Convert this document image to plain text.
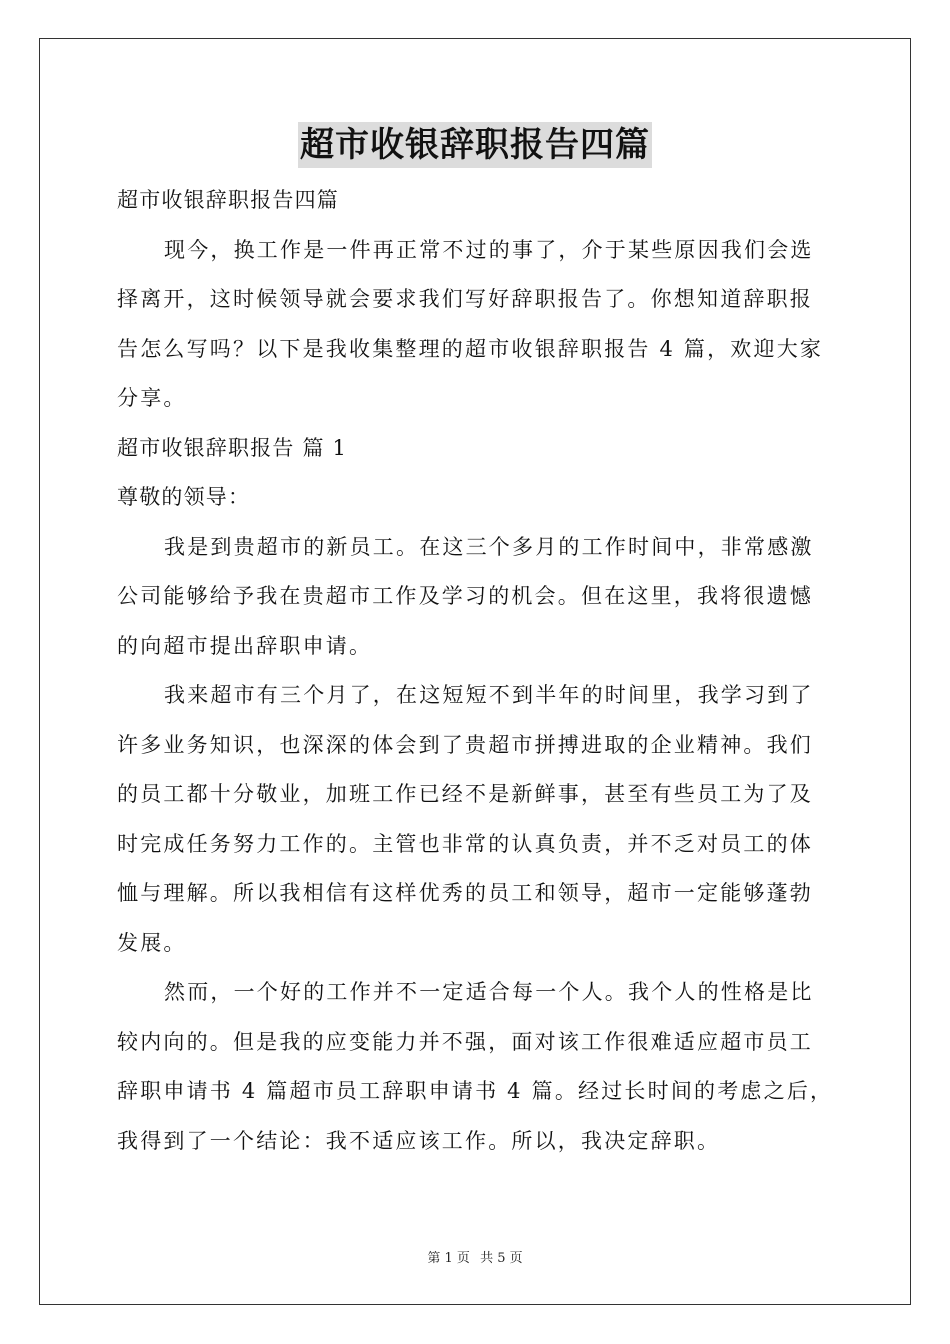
超市收银辞职报告四篇
超市收银辞职报告四篇
现今，换工作是一件再正常不过的事了，介于某些原因我们会选
择离开，这时候领导就会要求我们写好辞职报告了。你想知道辞职报
告怎么写吗？以下是我收集整理的超市收银辞职报告 4 篇，欢迎大家
分享。
超市收银辞职报告 篇 1
尊敬的领导：
我是到贵超市的新员工。在这三个多月的工作时间中，非常感激
公司能够给予我在贵超市工作及学习的机会。但在这里，我将很遗憾
的向超市提出辞职申请。
我来超市有三个月了，在这短短不到半年的时间里，我学习到了
许多业务知识，也深深的体会到了贵超市拼搏进取的企业精神。我们
的员工都十分敬业，加班工作已经不是新鲜事，甚至有些员工为了及
时完成任务努力工作的。主管也非常的认真负责，并不乏对员工的体
恤与理解。所以我相信有这样优秀的员工和领导，超市一定能够蓬勃
发展。
然而，一个好的工作并不一定适合每一个人。我个人的性格是比
较内向的。但是我的应变能力并不强，面对该工作很难适应超市员工
辞职申请书 4 篇超市员工辞职申请书 4 篇。经过长时间的考虑之后，
我得到了一个结论：我不适应该工作。所以，我决定辞职。
第 1 页 共 5 页
